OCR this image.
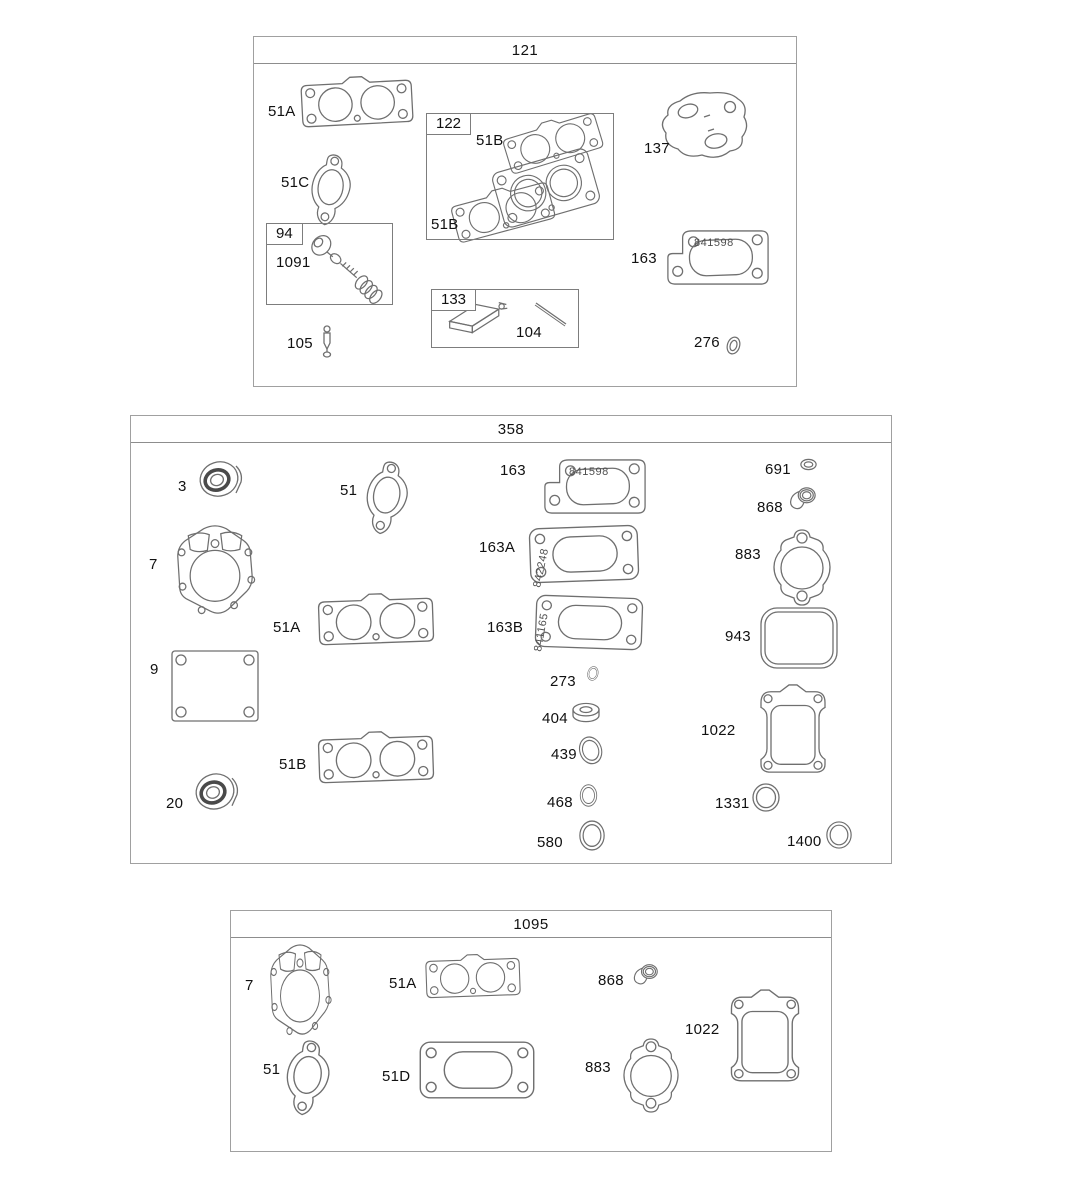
121
841598
122
94
133
51A
51C
1091
105
51B
51B
104
137
163
276
358
841598
842248
841165
3	51
163	691
868
7
163A	883
51A	163B
943
9
273
404
1022
51B
439
468	1331
20
580	1400
1095
7	51A	868
1022
51	51D
883
